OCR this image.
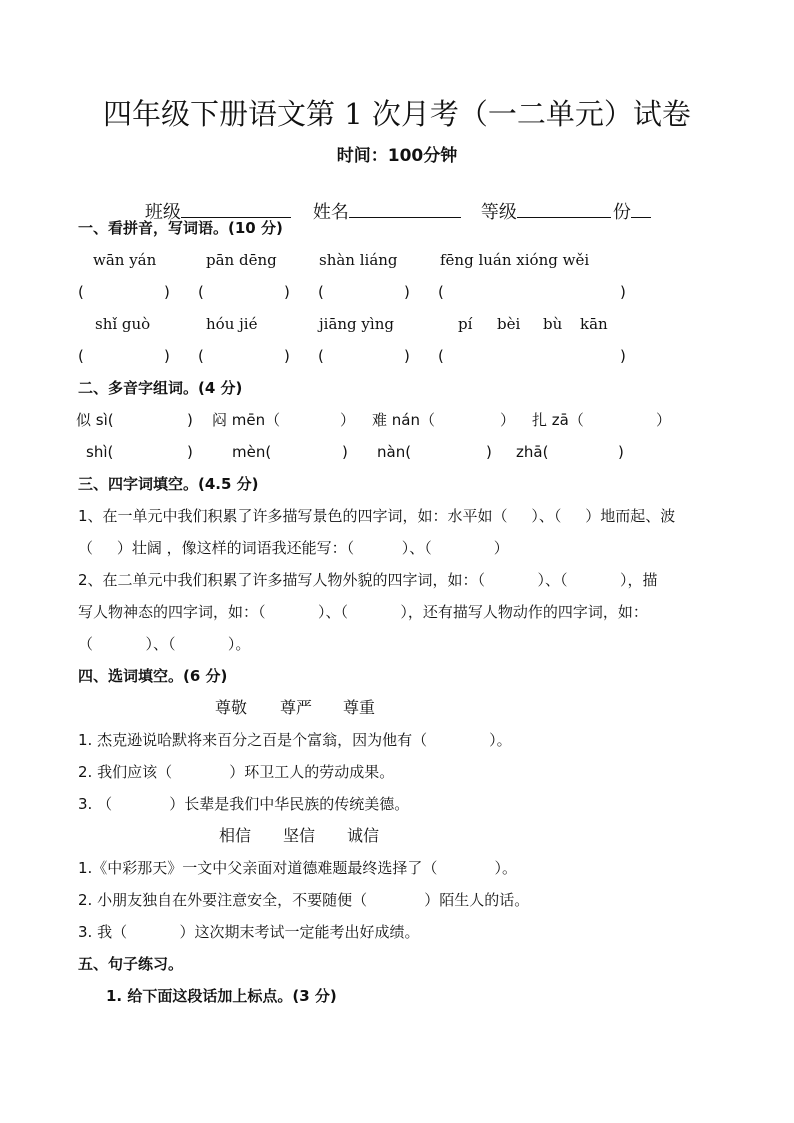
四年级下册语文第 1 次月考（一二单元）试卷
时间：100分钟

班级
	姓名
	等级
	份

一、看拼音，写词语。(10 分)
wān yán	pān dēng	shàn liáng	fēng luán xióng wěi
(	) (	) (	) (	)
shǐ guò	hóu jié	jiāng yìng	pí bèi bù kān
(	) (	) (	) (	)
二、多音字组词。(4 分)
似 sì(	) 闷 mēn（	） 难 nán（	） 扎 zā（	）
shì(	)	mèn(	) nàn(	) zhā(	)
三、四字词填空。(4.5 分)
1、在一单元中我们积累了许多描写景色的四字词，如：水平如（     ）、（     ）地而起、波
（     ）壮阔 ，像这样的词语我还能写：（          ）、（             ）
2、在二单元中我们积累了许多描写人物外貌的四字词，如：（           ）、（           ），描
写人物神态的四字词，如：（           ）、（           ），还有描写人物动作的四字词，如：
（           ）、（           ）。
四、选词填空。(6 分)
尊敬 尊严 尊重
1. 杰克逊说哈默将来百分之百是个富翁，因为他有（             ）。
2. 我们应该（            ）环卫工人的劳动成果。
3. （            ）长辈是我们中华民族的传统美德。
相信 坚信 诚信
1.《中彩那天》一文中父亲面对道德难题最终选择了（            ）。
2. 小朋友独自在外要注意安全，不要随便（            ）陌生人的话。
3. 我（           ）这次期末考试一定能考出好成绩。
五、句子练习。
1. 给下面这段话加上标点。(3 分)
